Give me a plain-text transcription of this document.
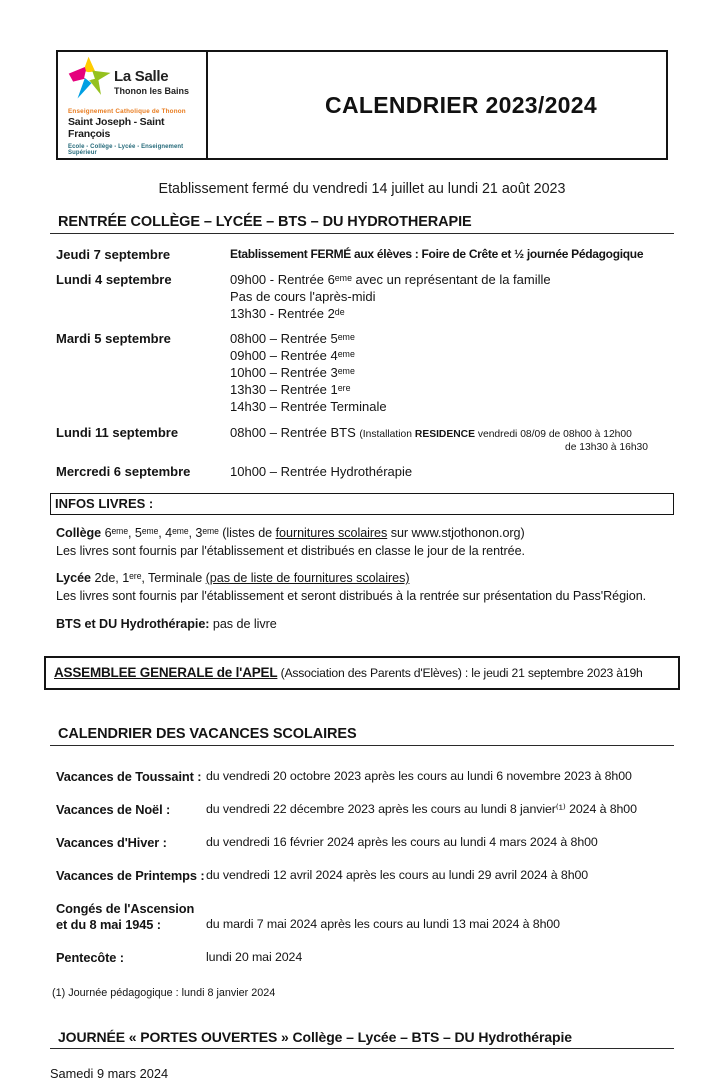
La Salle
Thonon les Bains
Enseignement Catholique de Thonon
Saint Joseph - Saint François
Ecole - Collège - Lycée - Enseignement Supérieur
CALENDRIER 2023/2024
Etablissement fermé du vendredi 14 juillet au lundi 21 août 2023
RENTRÉE COLLÈGE – LYCÉE – BTS – DU HYDROTHERAPIE
Jeudi 7 septembre	Etablissement FERMÉ aux élèves : Foire de Crête et ½ journée Pédagogique
Lundi 4 septembre	09h00 - Rentrée 6ᵉᵐᵉ avec un représentant de la famille
Pas de cours l'après-midi
13h30 - Rentrée 2ᵈᵉ
Mardi 5 septembre	08h00 – Rentrée 5ᵉᵐᵉ
09h00 – Rentrée 4ᵉᵐᵉ
10h00 – Rentrée 3ᵉᵐᵉ
13h30 – Rentrée 1ᵉʳᵉ
14h30 – Rentrée Terminale
Lundi 11 septembre	08h00 – Rentrée BTS (Installation RESIDENCE vendredi 08/09 de 08h00 à 12h00
de 13h30 à 16h30
Mercredi 6 septembre	10h00 – Rentrée Hydrothérapie
INFOS LIVRES :
Collège 6ᵉᵐᵉ, 5ᵉᵐᵉ, 4ᵉᵐᵉ, 3ᵉᵐᵉ (listes de fournitures scolaires sur www.stjothonon.org)
Les livres sont fournis par l'établissement et distribués en classe le jour de la rentrée.
Lycée 2de, 1ᵉʳᵉ, Terminale (pas de liste de fournitures scolaires)
Les livres sont fournis par l'établissement et seront distribués à la rentrée sur présentation du Pass'Région.
BTS et DU Hydrothérapie: pas de livre
ASSEMBLEE GENERALE de l'APEL (Association des Parents d'Elèves) : le jeudi 21 septembre 2023 à19h
CALENDRIER DES VACANCES SCOLAIRES
Vacances de Toussaint : du vendredi 20 octobre 2023 après les cours au lundi 6 novembre 2023 à 8h00
Vacances de Noël :	du vendredi 22 décembre 2023 après les cours au lundi 8 janvier⁽¹⁾ 2024 à 8h00
Vacances d'Hiver :	du vendredi 16 février 2024 après les cours au lundi 4 mars 2024 à 8h00
Vacances de Printemps : du vendredi 12 avril 2024 après les cours au lundi 29 avril 2024 à 8h00
Congés de l'Ascension
et du 8 mai 1945 :	du mardi 7 mai 2024 après les cours au lundi 13 mai 2024 à 8h00
Pentecôte :	lundi 20 mai 2024
(1) Journée pédagogique : lundi 8 janvier 2024
JOURNÉE « PORTES OUVERTES » Collège – Lycée – BTS – DU Hydrothérapie
Samedi 9 mars 2024
